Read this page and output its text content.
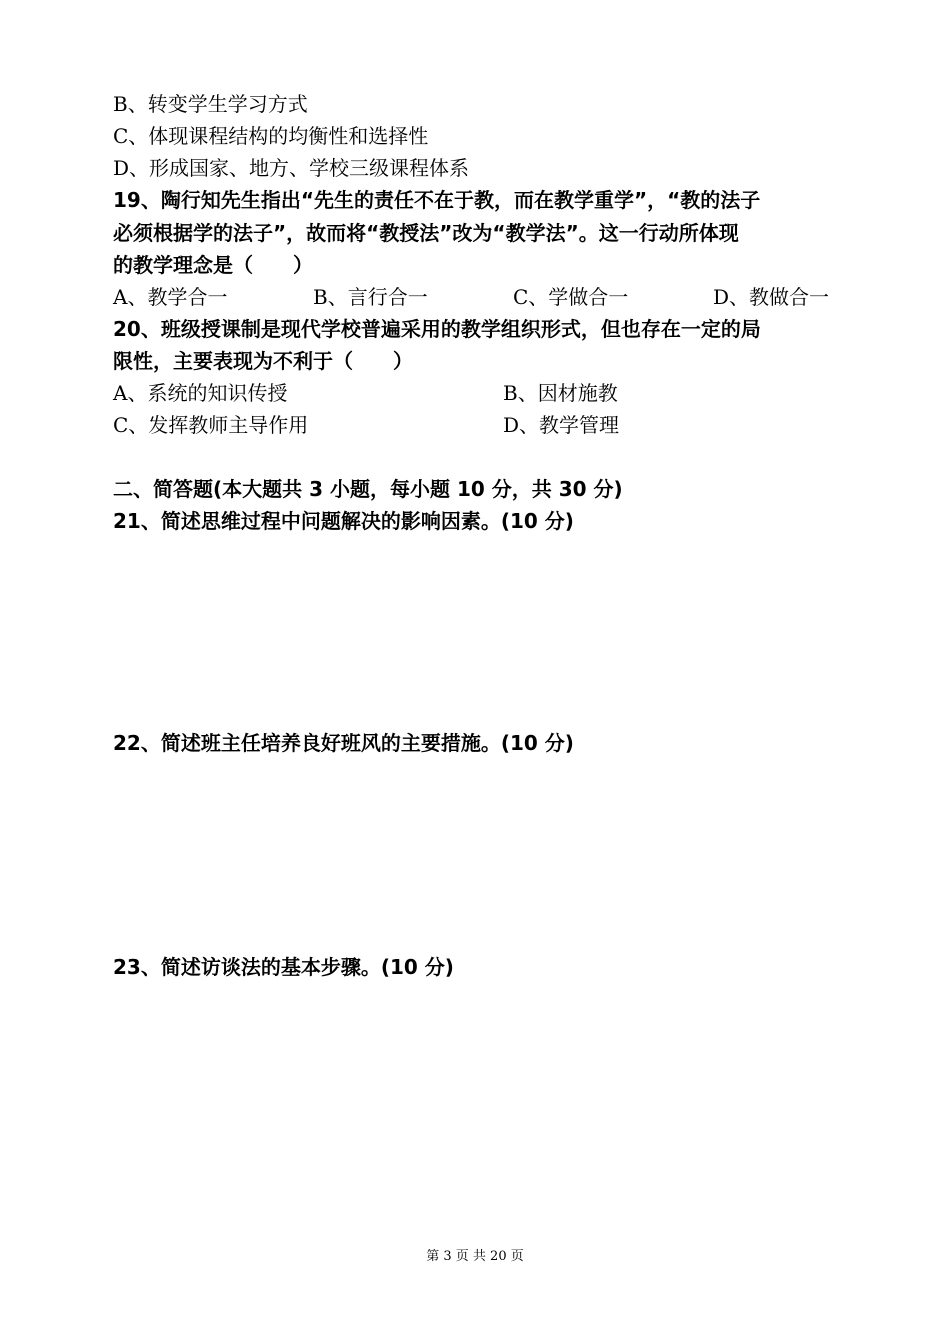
B、转变学生学习方式
C、体现课程结构的均衡性和选择性
D、形成国家、地方、学校三级课程体系
19、陶行知先生指出“先生的责任不在于教，而在教学重学”，“教的法子
必须根据学的法子”，故而将“教授法”改为“教学法”。这一行动所体现
的教学理念是（　　）
A、教学合一	B、言行合一	C、学做合一	D、教做合一
20、班级授课制是现代学校普遍采用的教学组织形式，但也存在一定的局
限性，主要表现为不利于（　　）
A、系统的知识传授	B、因材施教
C、发挥教师主导作用	D、教学管理
二、简答题(本大题共 3 小题，每小题 10 分，共 30 分)
21、简述思维过程中问题解决的影响因素。(10 分)
22、简述班主任培养良好班风的主要措施。(10 分)
23、简述访谈法的基本步骤。(10 分)
第 3 页 共 20 页
